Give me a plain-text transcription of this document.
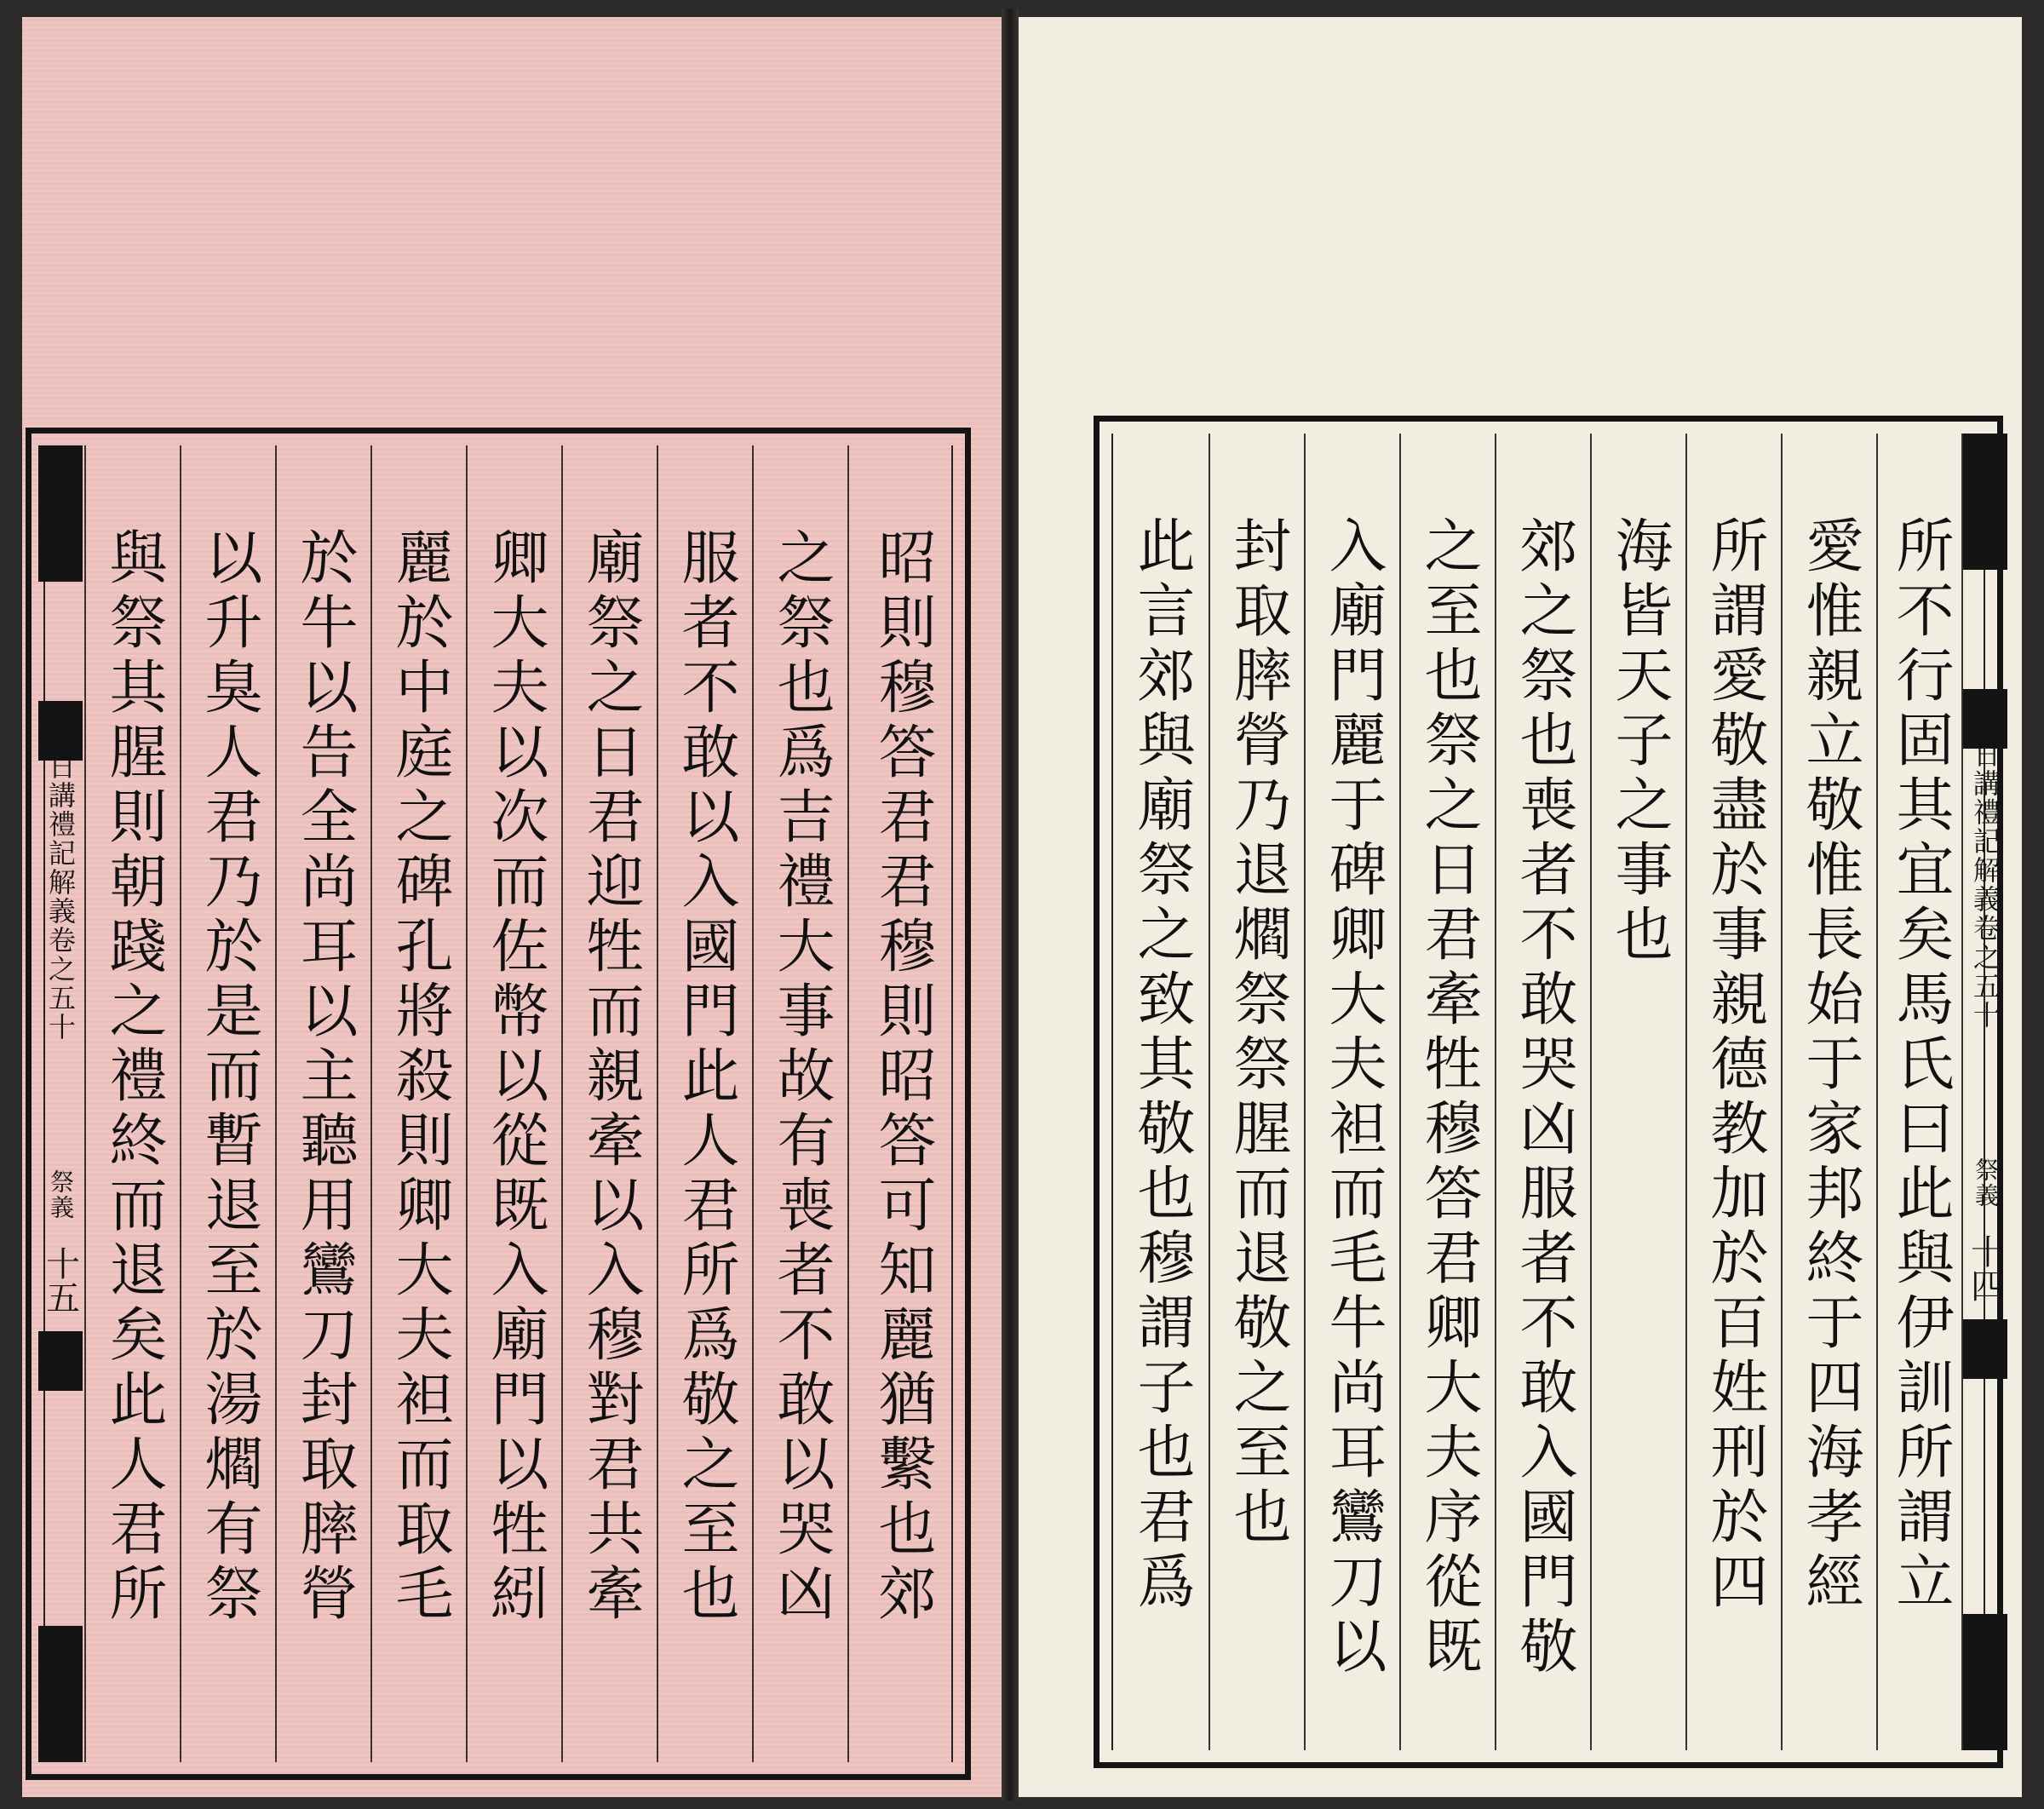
日講禮記解義卷之五十
祭義
十五 與祭其腥則朝踐之禮終而退矣此人君所 以升臭人君乃於是而暫退至於湯爓有祭 於牛以告全尚耳以主聽用鸞刀封取膟膋 麗於中庭之碑孔將殺則卿大夫袒而取毛 卿大夫以次而佐幣以從既入廟門以牲紖 廟祭之日君迎牲而親牽以入穆對君共牽 服者不敢以入國門此人君所爲敬之至也 之祭也爲吉禮大事故有喪者不敢以哭凶 昭則穆答君君穆則昭答可知麗猶繫也郊	此言郊與廟祭之致其敬也穆謂子也君爲 封取膟膋乃退爓祭祭腥而退敬之至也 入廟門麗于碑卿大夫袒而毛牛尚耳鸞刀以 之至也祭之日君牽牲穆答君卿大夫序從既 郊之祭也喪者不敢哭凶服者不敢入國門敬 海皆天子之事也 所謂愛敬盡於事親德教加於百姓刑於四 愛惟親立敬惟長始于家邦終于四海孝經 所不行固其宜矣馬氏曰此與伊訓所謂立 日講禮記解義卷之五十
祭義
十四
